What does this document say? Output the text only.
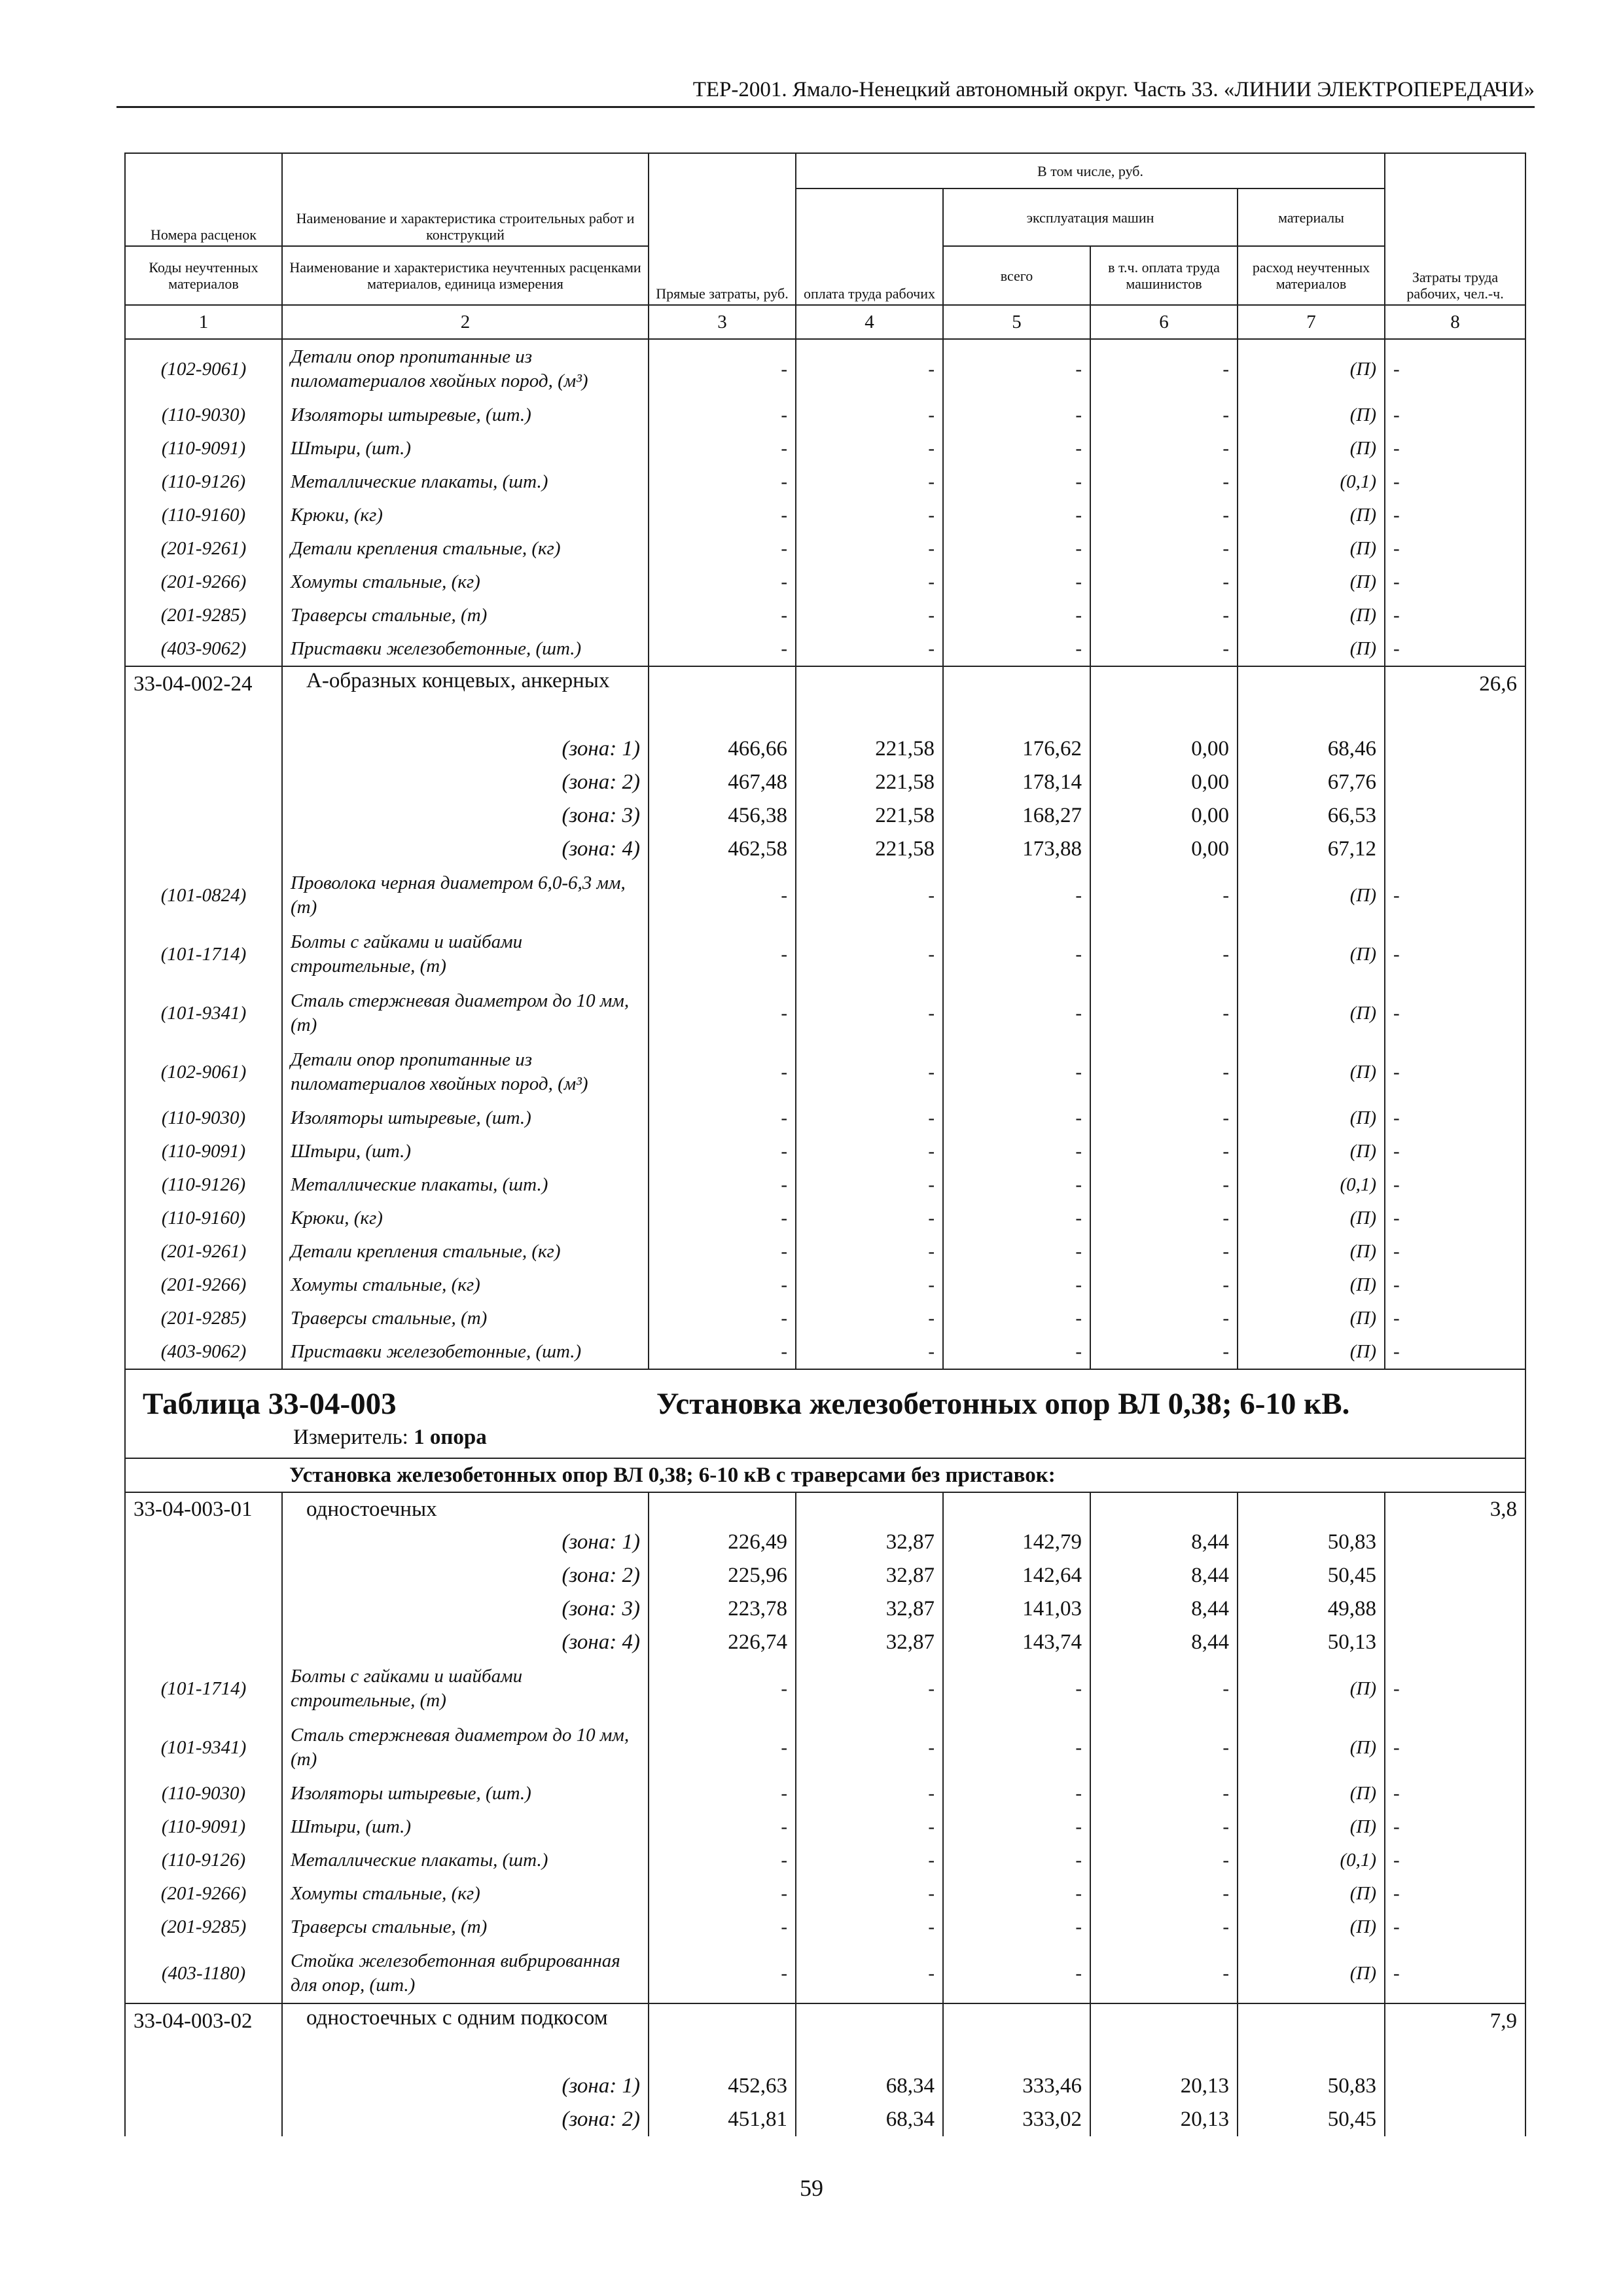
ТЕР-2001. Ямало-Ненецкий автономный округ. Часть 33. «ЛИНИИ ЭЛЕКТРОПЕРЕДАЧИ»
Номера расценок	Наименование и характеристика строительных работ и конструкций	Прямые затраты, руб.	В том числе, руб.				Затраты труда рабочих, чел.-ч.
			оплата труда рабочих	эксплуатация машин		материалы	
Коды неучтенных материалов	Наименование и характеристика неучтенных расценками материалов, единица измерения			всего	в т.ч. оплата труда машинистов	расход неучтенных материалов	
1	2	3	4	5	6	7	8
(102-9061)	Детали опор пропитанные из пиломатериалов хвойных пород, (м³)	-	-	-	-	(П)	-
(110-9030)	Изоляторы штыревые, (шт.)	-	-	-	-	(П)	-
(110-9091)	Штыри, (шт.)	-	-	-	-	(П)	-
(110-9126)	Металлические плакаты, (шт.)	-	-	-	-	(0,1)	-
(110-9160)	Крюки, (кг)	-	-	-	-	(П)	-
(201-9261)	Детали крепления стальные, (кг)	-	-	-	-	(П)	-
(201-9266)	Хомуты стальные, (кг)	-	-	-	-	(П)	-
(201-9285)	Траверсы стальные, (т)	-	-	-	-	(П)	-
(403-9062)	Приставки железобетонные, (шт.)	-	-	-	-	(П)	-
33-04-002-24	А-образных концевых, анкерных						26,6
	(зона: 1)	466,66	221,58	176,62	0,00	68,46	
	(зона: 2)	467,48	221,58	178,14	0,00	67,76	
	(зона: 3)	456,38	221,58	168,27	0,00	66,53	
	(зона: 4)	462,58	221,58	173,88	0,00	67,12	
(101-0824)	Проволока черная диаметром 6,0-6,3 мм, (т)	-	-	-	-	(П)	-
(101-1714)	Болты с гайками и шайбами строительные, (т)	-	-	-	-	(П)	-
(101-9341)	Сталь стержневая диаметром до 10 мм, (т)	-	-	-	-	(П)	-
(102-9061)	Детали опор пропитанные из пиломатериалов хвойных пород, (м³)	-	-	-	-	(П)	-
(110-9030)	Изоляторы штыревые, (шт.)	-	-	-	-	(П)	-
(110-9091)	Штыри, (шт.)	-	-	-	-	(П)	-
(110-9126)	Металлические плакаты, (шт.)	-	-	-	-	(0,1)	-
(110-9160)	Крюки, (кг)	-	-	-	-	(П)	-
(201-9261)	Детали крепления стальные, (кг)	-	-	-	-	(П)	-
(201-9266)	Хомуты стальные, (кг)	-	-	-	-	(П)	-
(201-9285)	Траверсы стальные, (т)	-	-	-	-	(П)	-
(403-9062)	Приставки железобетонные, (шт.)	-	-	-	-	(П)	-

Таблица 33-04-003 Установка железобетонных опор ВЛ 0,38; 6-10 кВ.
Измеритель: 1 опора							

Установка железобетонных опор ВЛ 0,38; 6-10 кВ с траверсами без приставок:							
33-04-003-01	одностоечных						3,8
	(зона: 1)	226,49	32,87	142,79	8,44	50,83	
	(зона: 2)	225,96	32,87	142,64	8,44	50,45	
	(зона: 3)	223,78	32,87	141,03	8,44	49,88	
	(зона: 4)	226,74	32,87	143,74	8,44	50,13	
(101-1714)	Болты с гайками и шайбами строительные, (т)	-	-	-	-	(П)	-
(101-9341)	Сталь стержневая диаметром до 10 мм, (т)	-	-	-	-	(П)	-
(110-9030)	Изоляторы штыревые, (шт.)	-	-	-	-	(П)	-
(110-9091)	Штыри, (шт.)	-	-	-	-	(П)	-
(110-9126)	Металлические плакаты, (шт.)	-	-	-	-	(0,1)	-
(201-9266)	Хомуты стальные, (кг)	-	-	-	-	(П)	-
(201-9285)	Траверсы стальные, (т)	-	-	-	-	(П)	-
(403-1180)	Стойка железобетонная вибрированная для опор, (шт.)	-	-	-	-	(П)	-
33-04-003-02	одностоечных с одним подкосом						7,9
	(зона: 1)	452,63	68,34	333,46	20,13	50,83	
	(зона: 2)	451,81	68,34	333,02	20,13	50,45	
59
